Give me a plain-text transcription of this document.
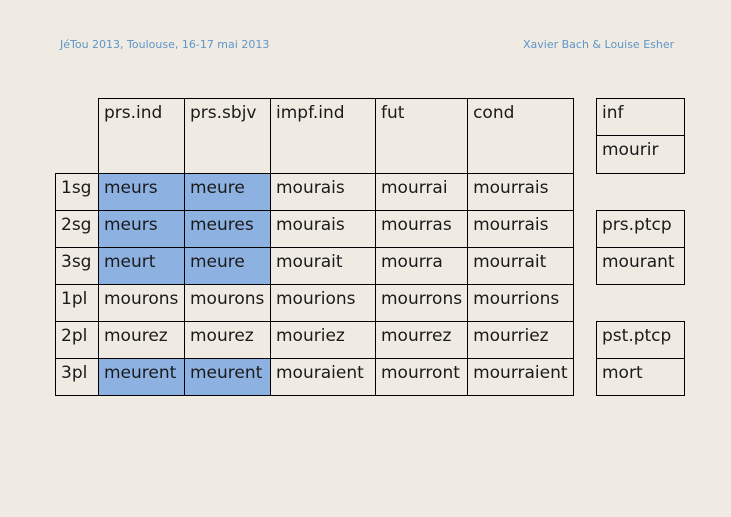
JéTou 2013, Toulouse, 16-17 mai 2013	Xavier Bach & Louise Esher
	prs.ind	prs.sbjv	impf.ind	fut	cond
1sg	meurs	meure	mourais	mourrai	mourrais
2sg	meurs	meures	mourais	mourras	mourrais
3sg	meurt	meure	mourait	mourra	mourrait
1pl	mourons	mourons	mourions	mourrons	mourrions
2pl	mourez	mourez	mouriez	mourrez	mourriez
3pl	meurent	meurent	mouraient	mourront	mourraient
inf
mourir

prs.ptcp
mourant

pst.ptcp
mort
